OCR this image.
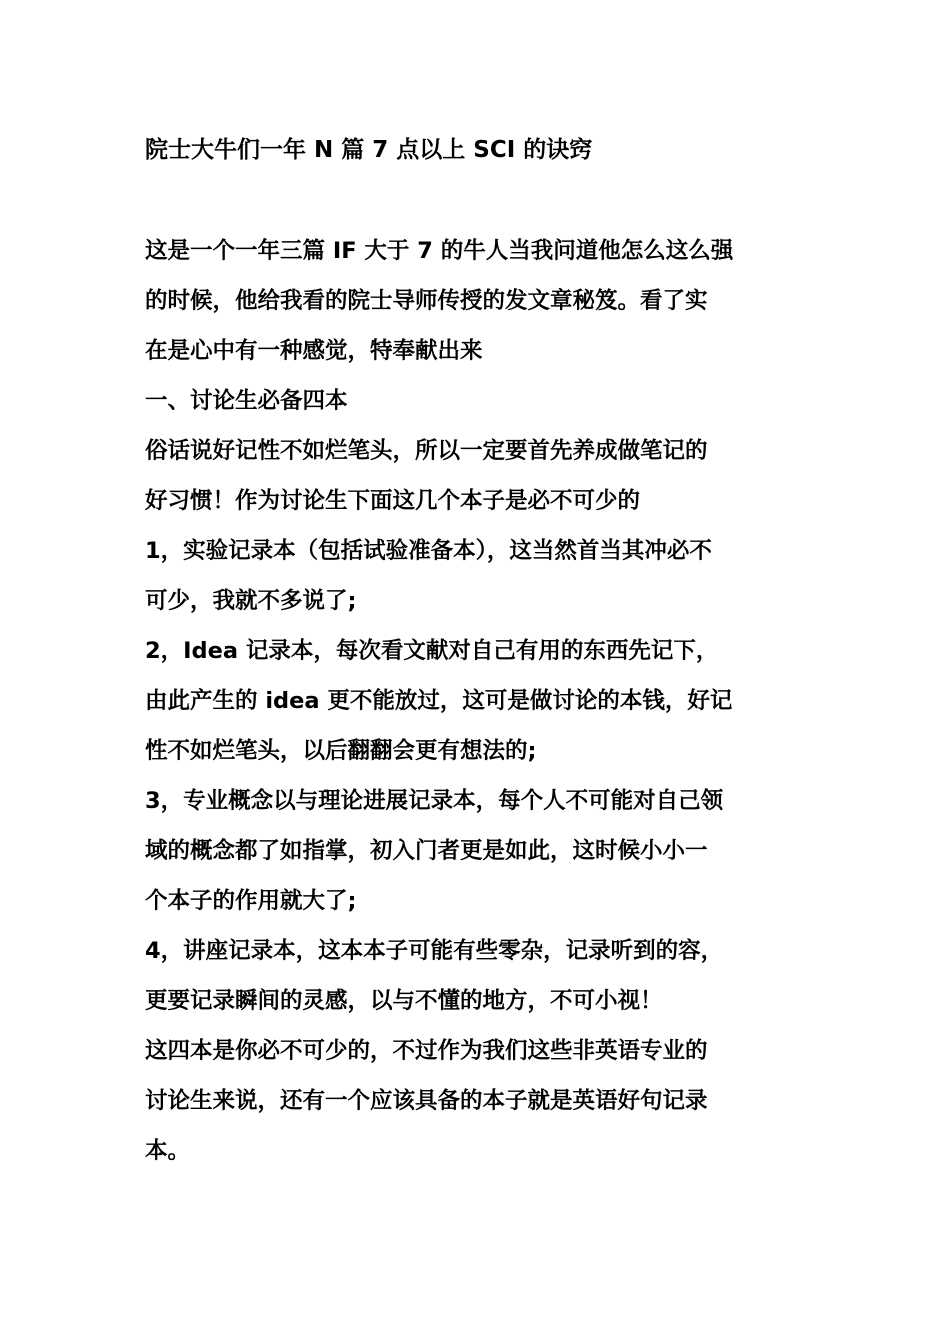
院士大牛们一年 N 篇 7 点以上 SCI 的诀窍
这是一个一年三篇 IF 大于 7 的牛人当我问道他怎么这么强
的时候，他给我看的院士导师传授的发文章秘笈。看了实
在是心中有一种感觉，特奉献出来
一、讨论生必备四本
俗话说好记性不如烂笔头，所以一定要首先养成做笔记的
好习惯！作为讨论生下面这几个本子是必不可少的
1，实验记录本（包括试验准备本），这当然首当其冲必不
可少，我就不多说了;
2，Idea 记录本，每次看文献对自己有用的东西先记下，
由此产生的 idea 更不能放过，这可是做讨论的本钱，好记
性不如烂笔头，以后翻翻会更有想法的;
3，专业概念以与理论进展记录本，每个人不可能对自己领
域的概念都了如指掌，初入门者更是如此，这时候小小一
个本子的作用就大了;
4，讲座记录本，这本本子可能有些零杂，记录听到的容，
更要记录瞬间的灵感，以与不懂的地方，不可小视！
这四本是你必不可少的，不过作为我们这些非英语专业的
讨论生来说，还有一个应该具备的本子就是英语好句记录
本。
